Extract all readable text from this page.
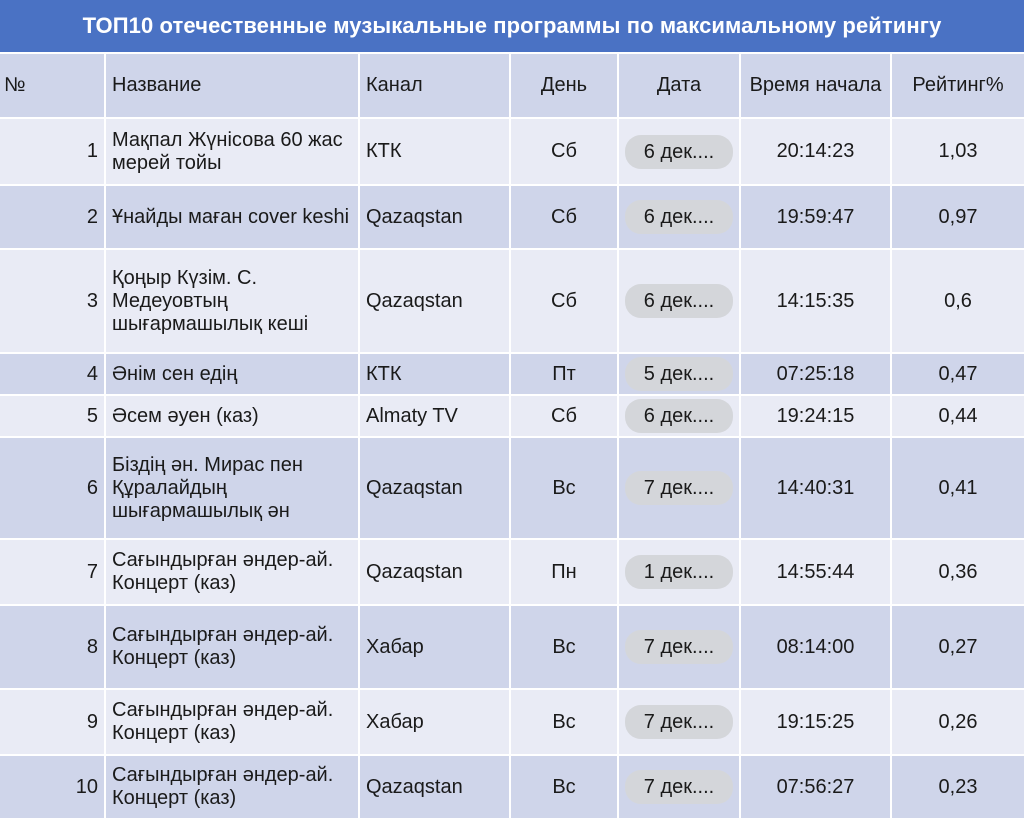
ТОП10 отечественные музыкальные программы по максимальному рейтингу
№	Название	Канал	День	Дата	Время начала	Рейтинг%
1	Мақпал Жүнісова 60 жас мерей тойы	КТК	Сб	6 дек....	20:14:23	1,03
2	Ұнайды маған cover keshi	Qazaqstan	Сб	6 дек....	19:59:47	0,97
3	Қоңыр Күзім. С. Медеуовтың шығармашылық кеші	Qazaqstan	Сб	6 дек....	14:15:35	0,6
4	Әнім сен едің	КТК	Пт	5 дек....	07:25:18	0,47
5	Әсем әуен (каз)	Almaty TV	Сб	6 дек....	19:24:15	0,44
6	Біздің ән. Мирас пен Құралайдың шығармашылық ән	Qazaqstan	Вс	7 дек....	14:40:31	0,41
7	Сағындырған әндер-ай. Концерт (каз)	Qazaqstan	Пн	1 дек....	14:55:44	0,36
8	Сағындырған әндер-ай. Концерт (каз)	Хабар	Вс	7 дек....	08:14:00	0,27
9	Сағындырған әндер-ай. Концерт (каз)	Хабар	Вс	7 дек....	19:15:25	0,26
10	Сағындырған әндер-ай. Концерт (каз)	Qazaqstan	Вс	7 дек....	07:56:27	0,23
